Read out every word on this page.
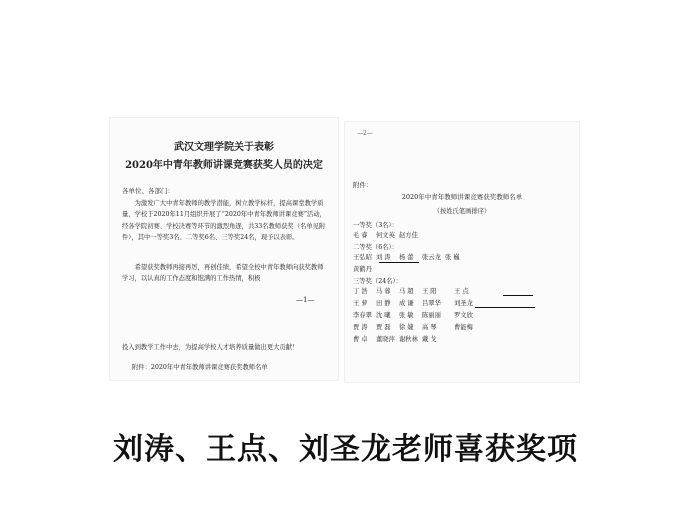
武汉文理学院关于表彰
2020年中青年教师讲课竞赛获奖人员的决定
各单位、各部门：
为激发广大中青年教师的教学潜能，树立教学标杆，提高课堂教学质量，学校于2020年11月组织开展了“2020年中青年教师讲课竞赛”活动，经各学院初赛、学校决赛等环节的激烈角逐，共33名教师获奖（名单见附件），其中一等奖3名、二等奖6名、三等奖24名，现予以表彰。
希望获奖教师再接再厉，再创佳绩，希望全校中青年教师向获奖教师学习，以认真的工作态度和饱满的工作热情，积极
—1—
投入到教学工作中去，为提高学校人才培养质量做出更大贡献！
附件：2020年中青年教师讲课竞赛获奖教师名单
—2—
附件：
2020年中青年教师讲课竞赛获奖教师名单
（按姓氏笔画排序）
一等奖（3名）：
毛 睿	何文英 赵方佳
二等奖（6名）：
王弘昭 刘 涛	杨 蕾	张云龙 张 巍
黄鹤丹
三等奖（24名）：
丁 浩	马 蓉	马 超	王 阳	王 点
王 萝	田 静	成 谦	吕翠华	刘圣龙
李春翠 沈 曦	张 敏	陈丽丽	罗文欣
贾 涛	贾 磊	徐 婕	高 琴	曹能梅
曹 卓	董晓萍 谢秋林 戴 戈
刘涛、王点、刘圣龙老师喜获奖项
